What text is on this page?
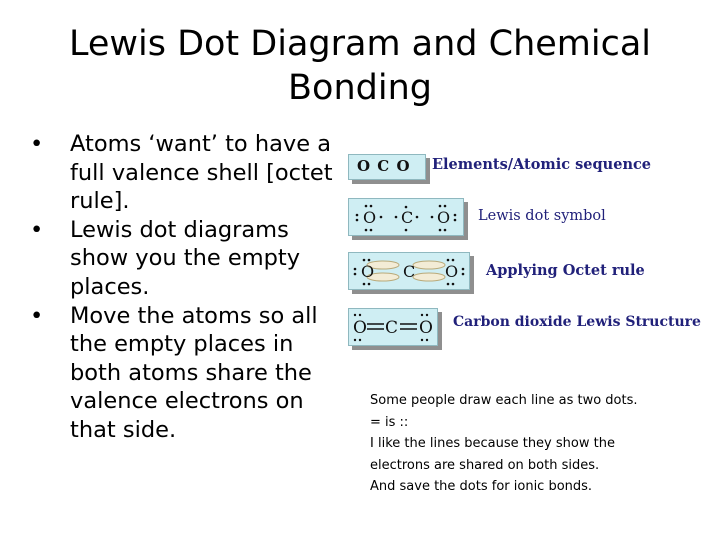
Lewis Dot Diagram and Chemical
Bonding
• Atoms ‘want’ to have a full valence shell [octet rule].
• Lewis dot diagrams show you the empty places.
• Move the atoms so all the empty places in both atoms share the valence electrons on that side.
O C O Elements/Atomic sequence
O C O Lewis dot symbol
O C O Applying Octet rule
O C O Carbon dioxide Lewis Structure
Some people draw each line as two dots.
= is ::
I like the lines because they show the
electrons are shared on both sides.
And save the dots for ionic bonds.
